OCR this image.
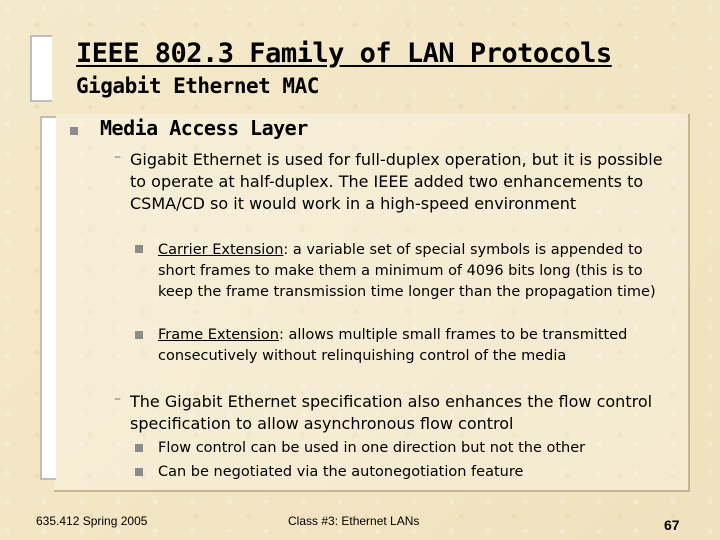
IEEE 802.3 Family of LAN Protocols
Gigabit Ethernet MAC
Media Access Layer
– Gigabit Ethernet is used for full-duplex operation, but it is possible to operate at half-duplex. The IEEE added two enhancements to CSMA/CD so it would work in a high-speed environment
Carrier Extension: a variable set of special symbols is appended to short frames to make them a minimum of 4096 bits long (this is to keep the frame transmission time longer than the propagation time)
Frame Extension: allows multiple small frames to be transmitted consecutively without relinquishing control of the media
– The Gigabit Ethernet specification also enhances the flow control specification to allow asynchronous flow control
Flow control can be used in one direction but not the other
Can be negotiated via the autonegotiation feature
635.412 Spring 2005	Class #3: Ethernet LANs	67
